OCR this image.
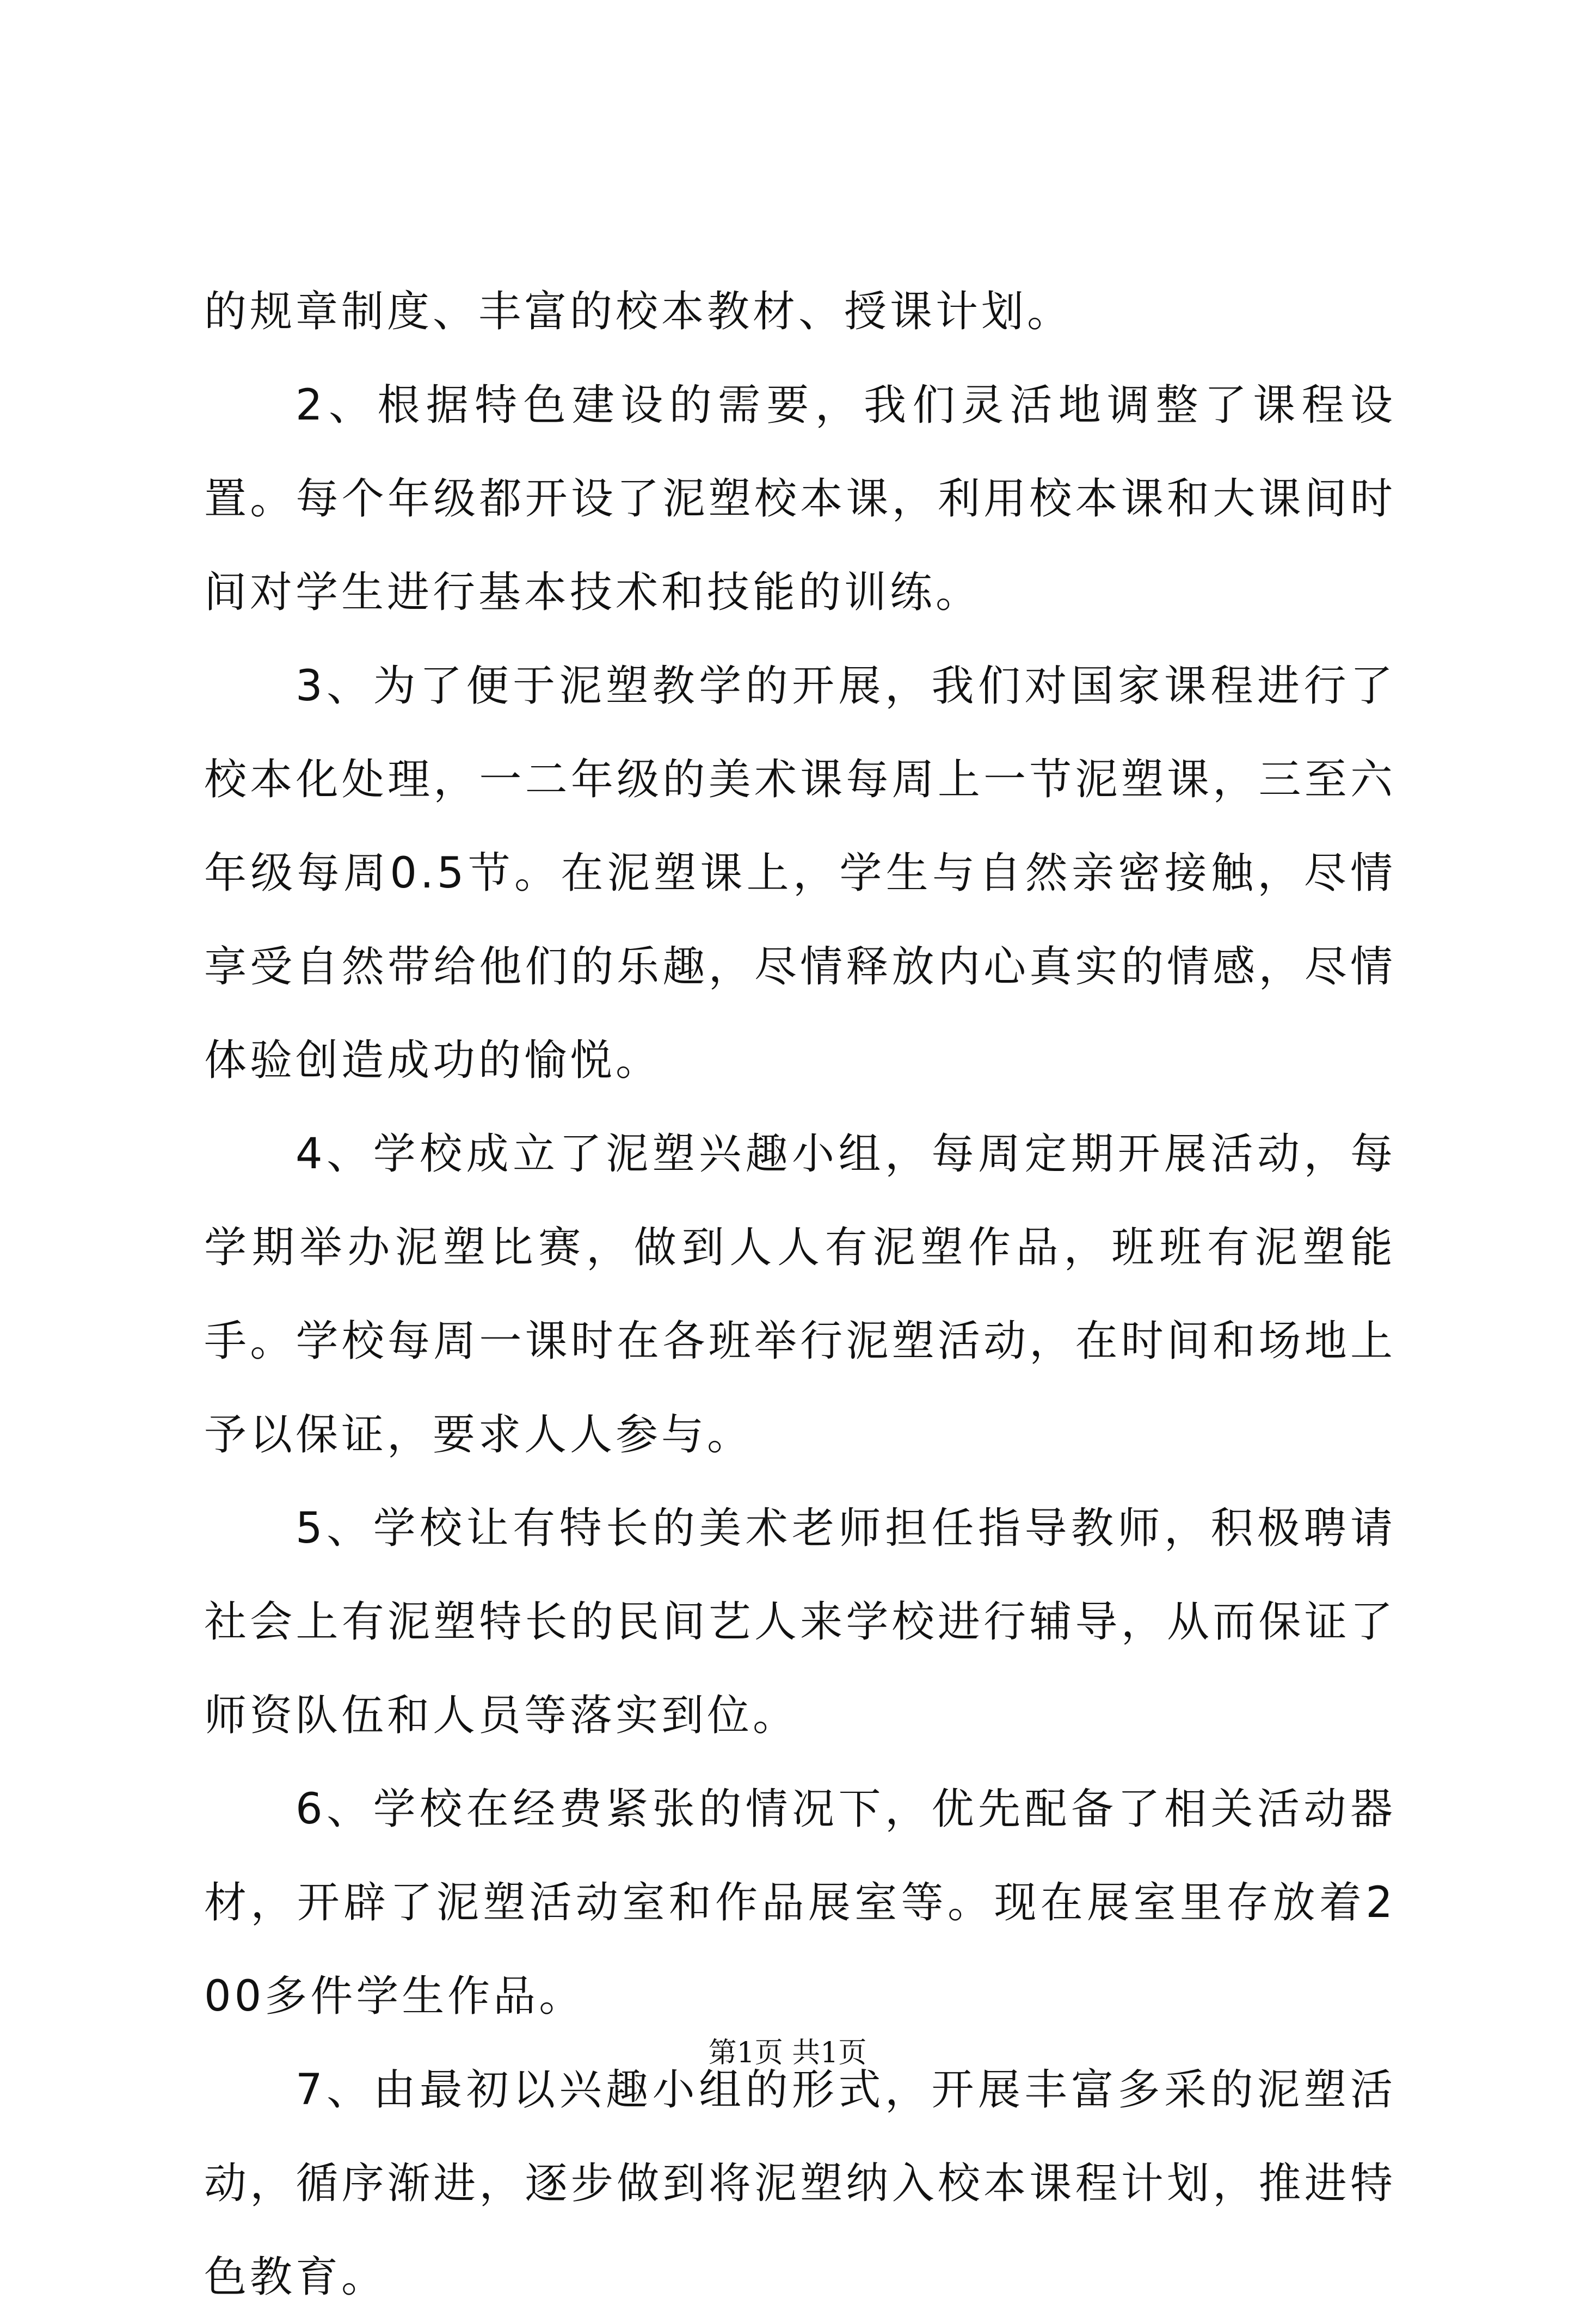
的规章制度、丰富的校本教材、授课计划。

2、根据特色建设的需要，我们灵活地调整了课程设置。每个年级都开设了泥塑校本课，利用校本课和大课间时间对学生进行基本技术和技能的训练。

3、为了便于泥塑教学的开展，我们对国家课程进行了校本化处理，一二年级的美术课每周上一节泥塑课，三至六年级每周0.5节。在泥塑课上，学生与自然亲密接触，尽情享受自然带给他们的乐趣，尽情释放内心真实的情感，尽情体验创造成功的愉悦。

4、学校成立了泥塑兴趣小组，每周定期开展活动，每学期举办泥塑比赛，做到人人有泥塑作品，班班有泥塑能手。学校每周一课时在各班举行泥塑活动，在时间和场地上予以保证，要求人人参与。

5、学校让有特长的美术老师担任指导教师，积极聘请社会上有泥塑特长的民间艺人来学校进行辅导，从而保证了师资队伍和人员等落实到位。

6、学校在经费紧张的情况下，优先配备了相关活动器材，开辟了泥塑活动室和作品展室等。现在展室里存放着200多件学生作品。

7、由最初以兴趣小组的形式，开展丰富多采的泥塑活动，循序渐进，逐步做到将泥塑纳入校本课程计划，推进特色教育。

第1页 共1页
